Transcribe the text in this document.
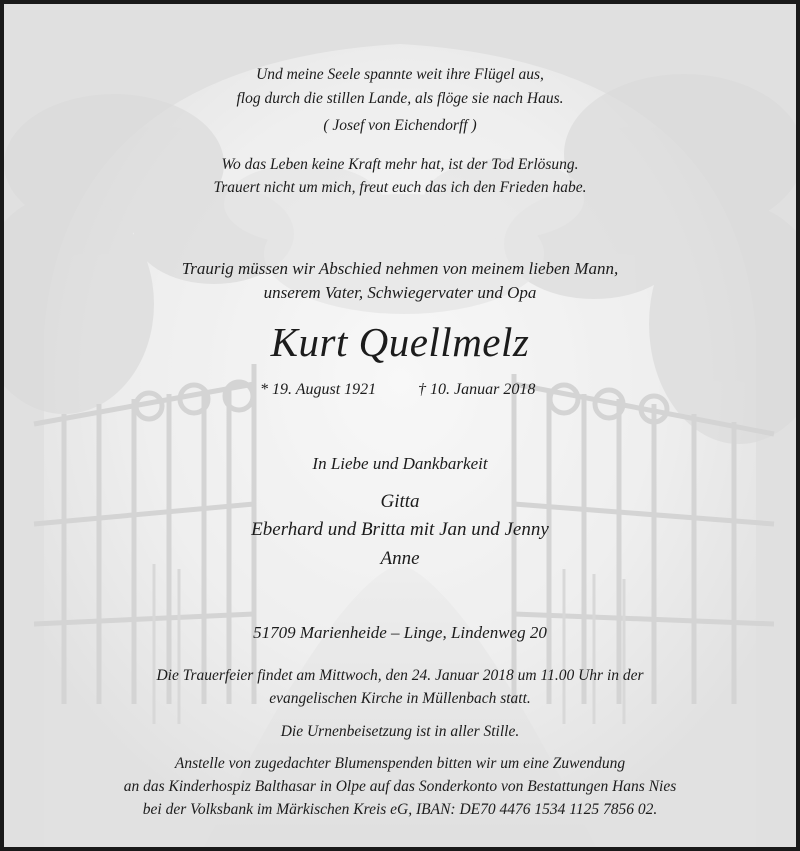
Und meine Seele spannte weit ihre Flügel aus,
flog durch die stillen Lande, als flöge sie nach Haus.
( Josef von Eichendorff )
Wo das Leben keine Kraft mehr hat, ist der Tod Erlösung.
Trauert nicht um mich, freut euch das ich den Frieden habe.
Traurig müssen wir Abschied nehmen von meinem lieben Mann,
unserem Vater, Schwiegervater und Opa
Kurt Quellmelz
* 19. August 1921	† 10. Januar 2018
In Liebe und Dankbarkeit
Gitta
Eberhard und Britta mit Jan und Jenny
Anne
51709 Marienheide – Linge, Lindenweg 20
Die Trauerfeier findet am Mittwoch, den 24. Januar 2018 um 11.00 Uhr in der
evangelischen Kirche in Müllenbach statt.
Die Urnenbeisetzung ist in aller Stille.
Anstelle von zugedachter Blumenspenden bitten wir um eine Zuwendung
an das Kinderhospiz Balthasar in Olpe auf das Sonderkonto von Bestattungen Hans Nies
bei der Volksbank im Märkischen Kreis eG, IBAN: DE70 4476 1534 1125 7856 02.
